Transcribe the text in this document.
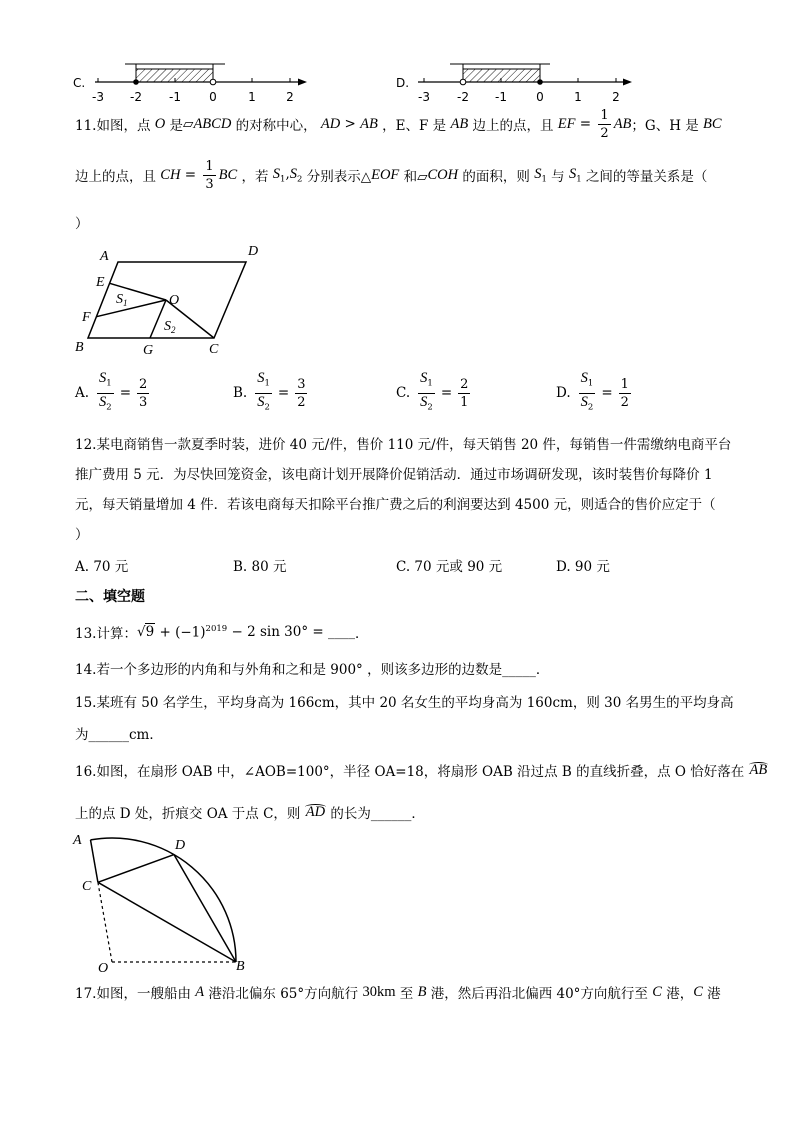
C.
-3 -2 -1 0	1	2
D.
-3 -2 -1 0	1	2
11.如图，点 O 是 ▱ ABCD 的对称中心， AD > AB ，E、F 是 AB 边上的点，且 EF = $\frac{1}{2}$ AB ；G、H 是 BC
边上的点，且 CH = $\frac{1}{3}$ BC ，若 $S_1,S_2$ 分别表示△ EOF 和▱ COH 的面积，则 $S_1$ 与 $S_1$ 之间的等量关系是（
）
A	D
E
F
O
B	G	C
$S_1$
$S_2$
A. $\frac{S_1}{S_2} = \frac{2}{3}$	B. $\frac{S_1}{S_2} = \frac{3}{2}$	C. $\frac{S_1}{S_2} = \frac{2}{1}$	D. $\frac{S_1}{S_2} = \frac{1}{2}$
12.某电商销售一款夏季时装，进价 40 元/件，售价 110 元/件，每天销售 20 件，每销售一件需缴纳电商平台
推广费用 5 元．为尽快回笼资金，该电商计划开展降价促销活动．通过市场调研发现，该时装售价每降价 1
元，每天销量增加 4 件．若该电商每天扣除平台推广费之后的利润要达到 4500 元，则适合的售价应定于（
）
A. 70 元	B. 80 元	C. 70 元或 90 元	D. 90 元
二、填空题
13.计算： $√9 + (-1)^{2019} - 2$ sin 30° = ____ ．
14.若一个多边形的内角和与外角和之和是 900° ，则该多边形的边数是_____．
15.某班有 50 名学生，平均身高为 166cm，其中 20 名女生的平均身高为 160cm，则 30 名男生的平均身高
为______cm．
16.如图，在扇形 OAB 中，∠AOB=100°，半径 OA=18，将扇形 OAB 沿过点 B 的直线折叠，点 O 恰好落在 AB
上的点 D 处，折痕交 OA 于点 C，则 AD 的长为______．
A	D
C
O	B
17.如图，一艘船由 A 港沿北偏东 65°方向航行 30km 至 B 港，然后再沿北偏西 40°方向航行至 C 港， C 港
